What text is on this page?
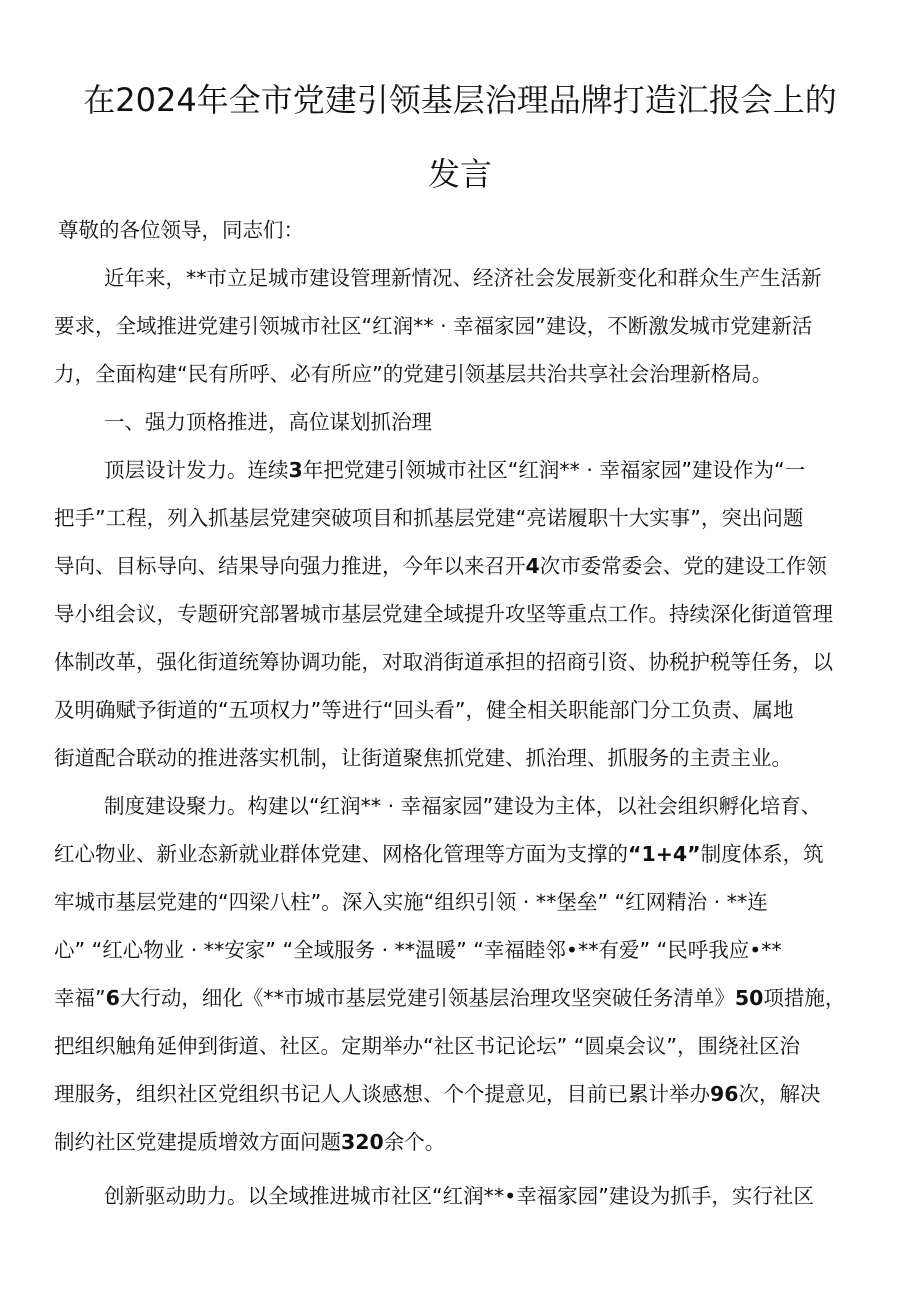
在2024年全市党建引领基层治理品牌打造汇报会上的
发言
尊敬的各位领导，同志们：
近年来，**市立足城市建设管理新情况、经济社会发展新变化和群众生产生活新
要求，全域推进党建引领城市社区“红润** · 幸福家园”建设，不断激发城市党建新活
力，全面构建“民有所呼、必有所应”的党建引领基层共治共享社会治理新格局。
一、强力顶格推进，高位谋划抓治理
顶层设计发力。连续3年把党建引领城市社区“红润** · 幸福家园”建设作为“一
把手”工程，列入抓基层党建突破项目和抓基层党建“亮诺履职十大实事”，突出问题
导向、目标导向、结果导向强力推进，今年以来召开4次市委常委会、党的建设工作领
导小组会议，专题研究部署城市基层党建全域提升攻坚等重点工作。持续深化街道管理
体制改革，强化街道统筹协调功能，对取消街道承担的招商引资、协税护税等任务，以
及明确赋予街道的“五项权力”等进行“回头看”，健全相关职能部门分工负责、属地
街道配合联动的推进落实机制，让街道聚焦抓党建、抓治理、抓服务的主责主业。
制度建设聚力。构建以“红润** · 幸福家园”建设为主体，以社会组织孵化培育、
红心物业、新业态新就业群体党建、网格化管理等方面为支撑的“1+4”制度体系，筑
牢城市基层党建的“四梁八柱”。深入实施“组织引领 · **堡垒” “红网精治 · **连
心” “红心物业 · **安家” “全域服务 · **温暖” “幸福睦邻•**有爱” “民呼我应•**
幸福”6大行动，细化《**市城市基层党建引领基层治理攻坚突破任务清单》50项措施，
把组织触角延伸到街道、社区。定期举办“社区书记论坛” “圆桌会议”，围绕社区治
理服务，组织社区党组织书记人人谈感想、个个提意见，目前已累计举办96次，解决
制约社区党建提质增效方面问题320余个。
创新驱动助力。以全域推进城市社区“红润**•幸福家园”建设为抓手，实行社区
